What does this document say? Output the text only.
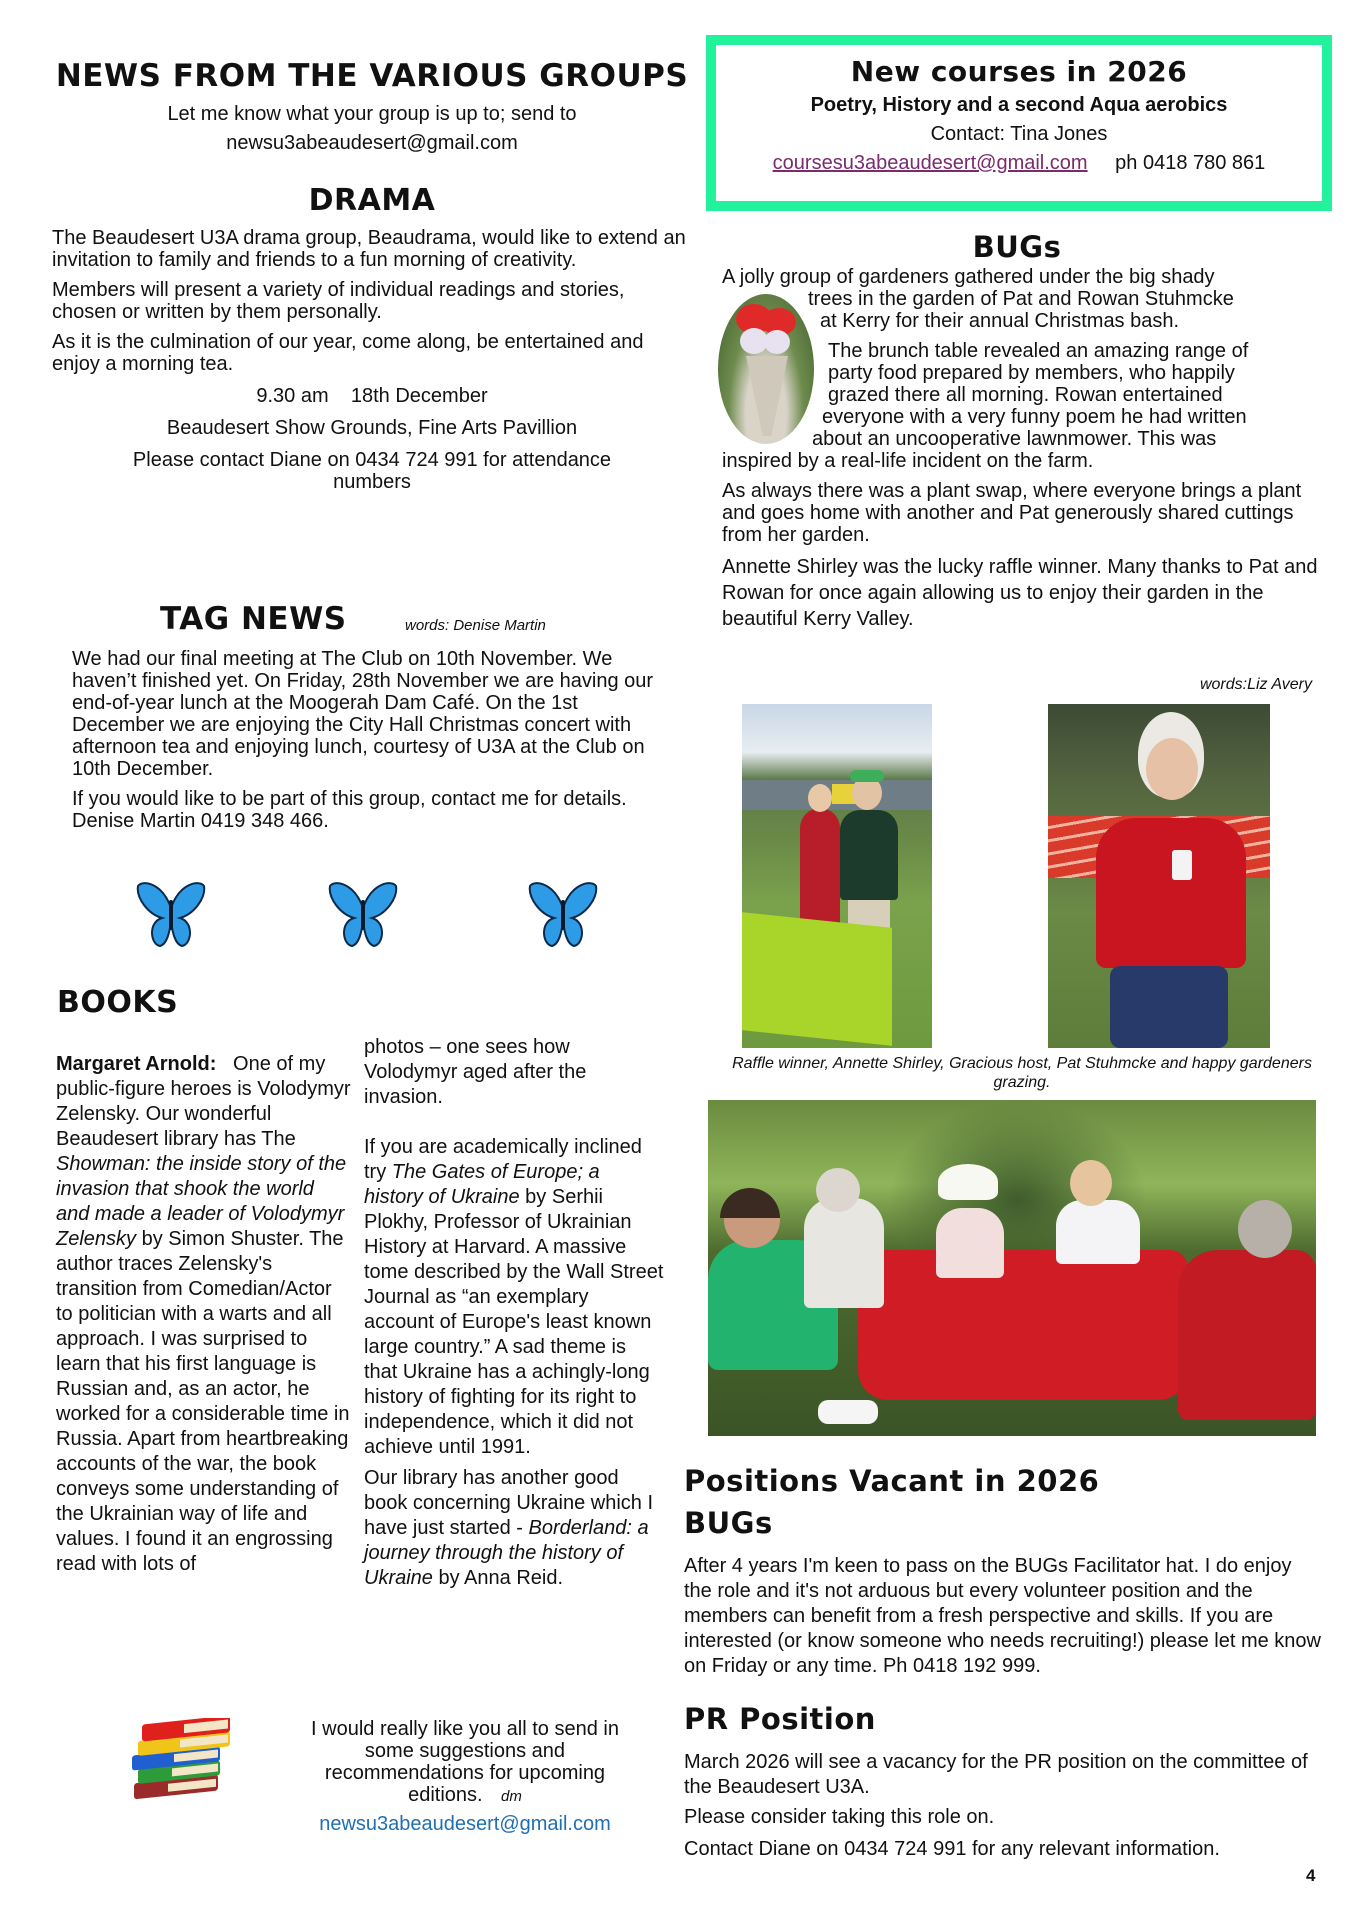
NEWS FROM THE VARIOUS GROUPS

Let me know what your group is up to; send to

newsu3abeaudesert@gmail.com

DRAMA

The Beaudesert U3A drama group, Beaudrama, would like to extend an invitation to family and friends to a fun morning of creativity.

Members will present a variety of individual readings and stories, chosen or written by them personally.

As it is the culmination of our year, come along, be entertained and enjoy a morning tea.

9.30 am    18th December

Beaudesert Show Grounds, Fine Arts Pavillion

Please contact Diane on 0434 724 991 for attendance numbers

TAG NEWS	words: Denise Martin

We had our final meeting at The Club on 10th November. We haven’t finished yet. On Friday, 28th November we are having our end-of-year lunch at the Moogerah Dam Café. On the 1st December we are enjoying the City Hall Christmas concert with afternoon tea and enjoying lunch, courtesy of U3A at the Club on 10th December.

If you would like to be part of this group, contact me for details. Denise Martin 0419 348 466.

BOOKS

Margaret Arnold:   One of my public-figure heroes is Volodymyr Zelensky. Our wonderful Beaudesert library has The Showman: the inside story of the invasion that shook the world and made a leader of Volodymyr Zelensky by Simon Shuster. The author traces Zelensky's transition from Comedian/Actor to politician with a warts and all approach. I was surprised to learn that his first language is Russian and, as an actor, he worked for a considerable time in Russia. Apart from heartbreaking accounts of the war, the book conveys some understanding of the Ukrainian way of life and values. I found it an engrossing read with lots of

photos – one sees how Volodymyr aged after the invasion.

If you are academically inclined try The Gates of Europe; a history of Ukraine by Serhii Plokhy, Professor of Ukrainian History at Harvard. A massive tome described by the Wall Street Journal as “an exemplary account of Europe's least known large country.” A sad theme is that Ukraine has a achingly-long history of fighting for its right to independence, which it did not achieve until 1991.

Our library has another good book concerning Ukraine which I have just started - Borderland: a journey through the history of Ukraine by Anna Reid.

I would really like you all to send in some suggestions and recommendations for upcoming editions. dm

newsu3abeaudesert@gmail.com

New courses in 2026
Poetry, History and a second Aqua aerobics
Contact: Tina Jones
coursesu3abeaudesert@gmail.com ph 0418 780 861
BUGs

A jolly group of gardeners gathered under the big shady

trees in the garden of Pat and Rowan Stuhmcke

at Kerry for their annual Christmas bash.

The brunch table revealed an amazing range of

party food prepared by members, who happily

grazed there all morning. Rowan entertained

everyone with a very funny poem he had written

about an uncooperative lawnmower. This was

inspired by a real-life incident on the farm.

As always there was a plant swap, where everyone brings a plant and goes home with another and Pat generously shared cuttings from her garden.

Annette Shirley was the lucky raffle winner. Many thanks to Pat and Rowan for once again allowing us to enjoy their garden in the beautiful Kerry Valley.

words:Liz Avery
Raffle winner, Annette Shirley, Gracious host, Pat Stuhmcke and happy gardeners grazing.
Positions Vacant in 2026
BUGs

After 4 years I'm keen to pass on the BUGs Facilitator hat. I do enjoy the role and it's not arduous but every volunteer position and the members can benefit from a fresh perspective and skills. If you are interested (or know someone who needs recruiting!) please let me know on Friday or any time. Ph 0418 192 999.

PR Position

March 2026 will see a vacancy for the PR position on the committee of the Beaudesert U3A.

Please consider taking this role on.

Contact Diane on 0434 724 991 for any relevant information.

4
